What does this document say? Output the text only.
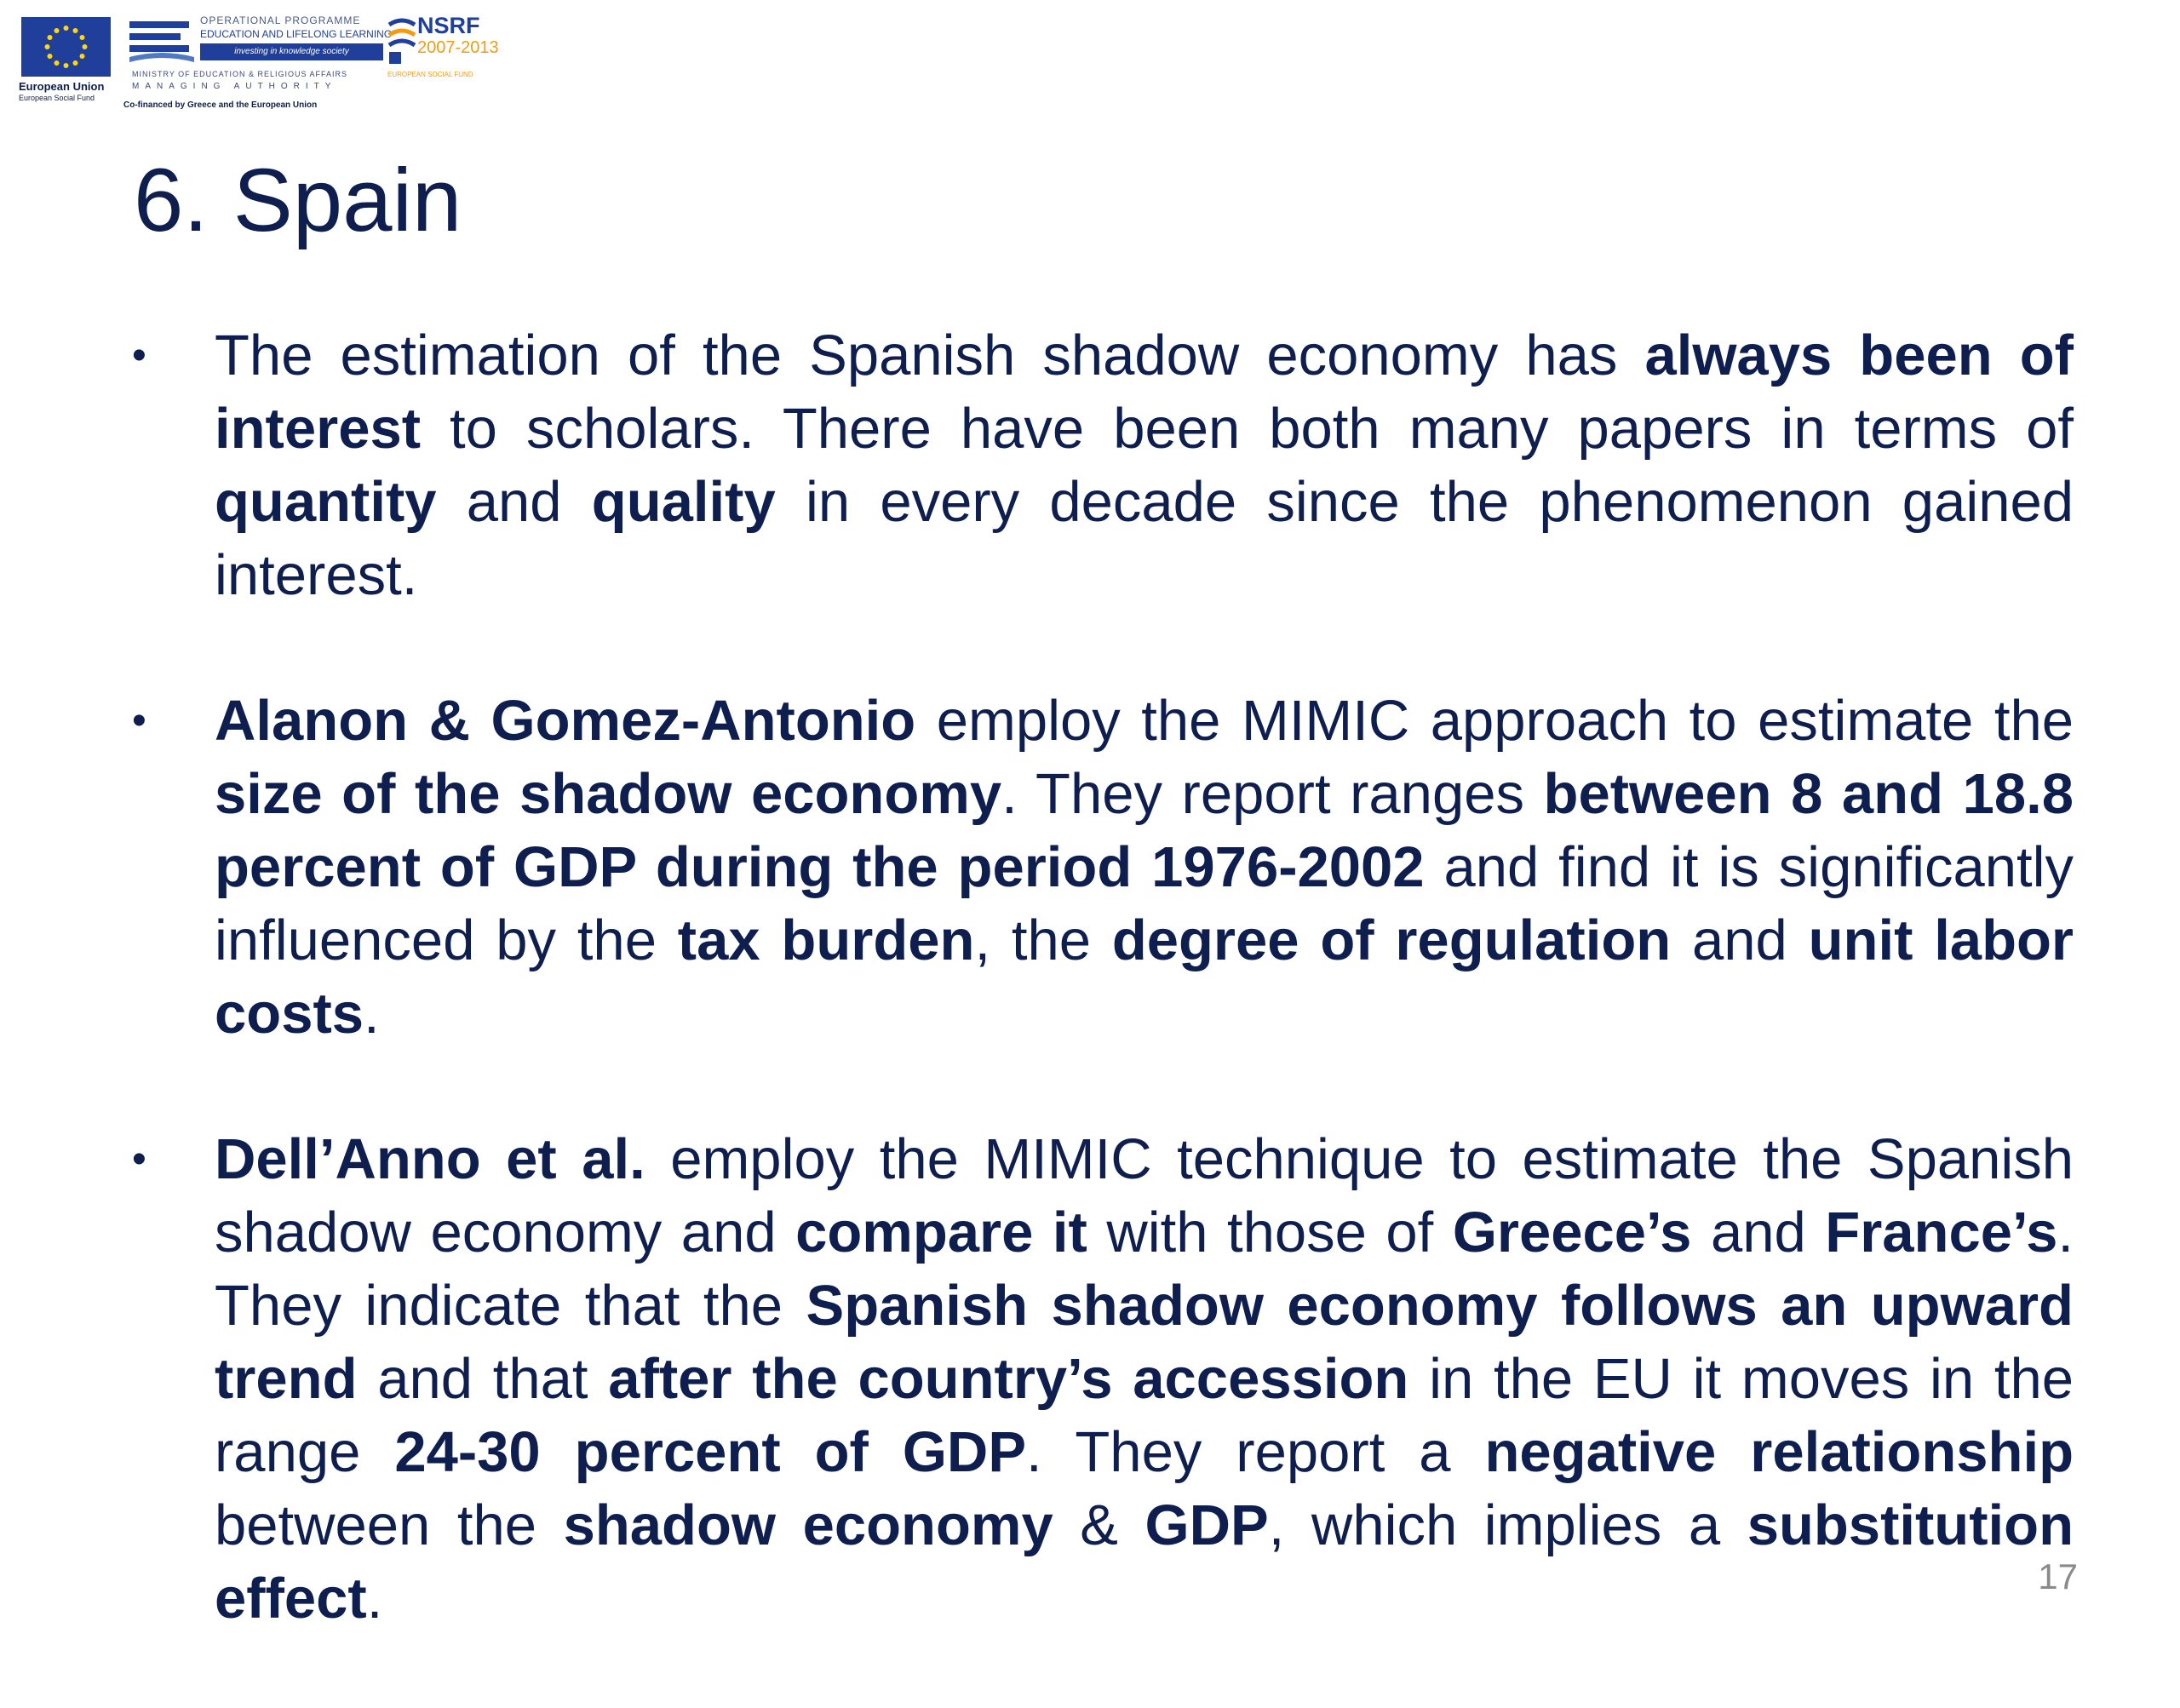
European Union
European Social Fund
OPERATIONAL PROGRAMME
EDUCATION AND LIFELONG LEARNING
investing in knowledge society
MINISTRY OF EDUCATION & RELIGIOUS AFFAIRS
MANAGING AUTHORITY
Co-financed by Greece and the European Union
NSRF
2007-2013
EUROPEAN SOCIAL FUND
6. Spain
• The estimation of the Spanish shadow economy has always been of interest to scholars. There have been both many papers in terms of quantity and quality in every decade since the phenomenon gained interest.
• Alanon & Gomez-Antonio employ the MIMIC approach to estimate the size of the shadow economy. They report ranges between 8 and 18.8 percent of GDP during the period 1976-2002 and find it is significantly influenced by the tax burden, the degree of regulation and unit labor costs.
• Dell’Anno et al. employ the MIMIC technique to estimate the Spanish shadow economy and compare it with those of Greece’s and France’s. They indicate that the Spanish shadow economy follows an upward trend and that after the country’s accession in the EU it moves in the range 24-30 percent of GDP. They report a negative relationship between the shadow economy & GDP, which implies a substitution effect.	17
